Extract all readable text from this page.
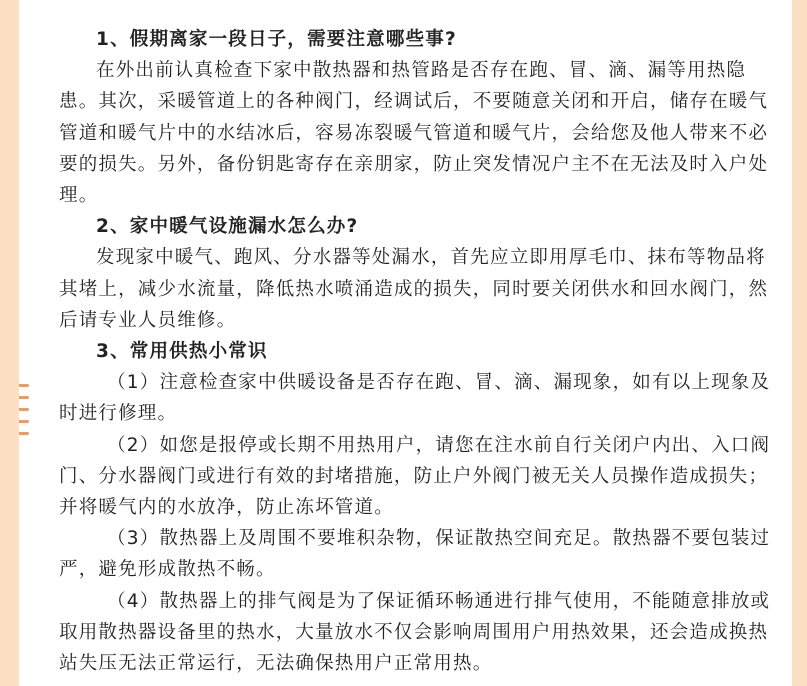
1、假期离家一段日子，需要注意哪些事?

在外出前认真检查下家中散热器和热管路是否存在跑、冒、滴、漏等用热隐患。其次，采暖管道上的各种阀门，经调试后，不要随意关闭和开启，储存在暖气管道和暖气片中的水结冰后，容易冻裂暖气管道和暖气片，会给您及他人带来不必要的损失。另外，备份钥匙寄存在亲朋家，防止突发情况户主不在无法及时入户处理。

2、家中暖气设施漏水怎么办?

发现家中暖气、跑风、分水器等处漏水，首先应立即用厚毛巾、抹布等物品将其堵上，减少水流量，降低热水喷涌造成的损失，同时要关闭供水和回水阀门，然后请专业人员维修。

3、常用供热小常识

（1）注意检查家中供暖设备是否存在跑、冒、滴、漏现象，如有以上现象及时进行修理。

（2）如您是报停或长期不用热用户，请您在注水前自行关闭户内出、入口阀门、分水器阀门或进行有效的封堵措施，防止户外阀门被无关人员操作造成损失；并将暖气内的水放净，防止冻坏管道。

（3）散热器上及周围不要堆积杂物，保证散热空间充足。散热器不要包装过严，避免形成散热不畅。

（4）散热器上的排气阀是为了保证循环畅通进行排气使用，不能随意排放或取用散热器设备里的热水，大量放水不仅会影响周围用户用热效果，还会造成换热站失压无法正常运行，无法确保热用户正常用热。
